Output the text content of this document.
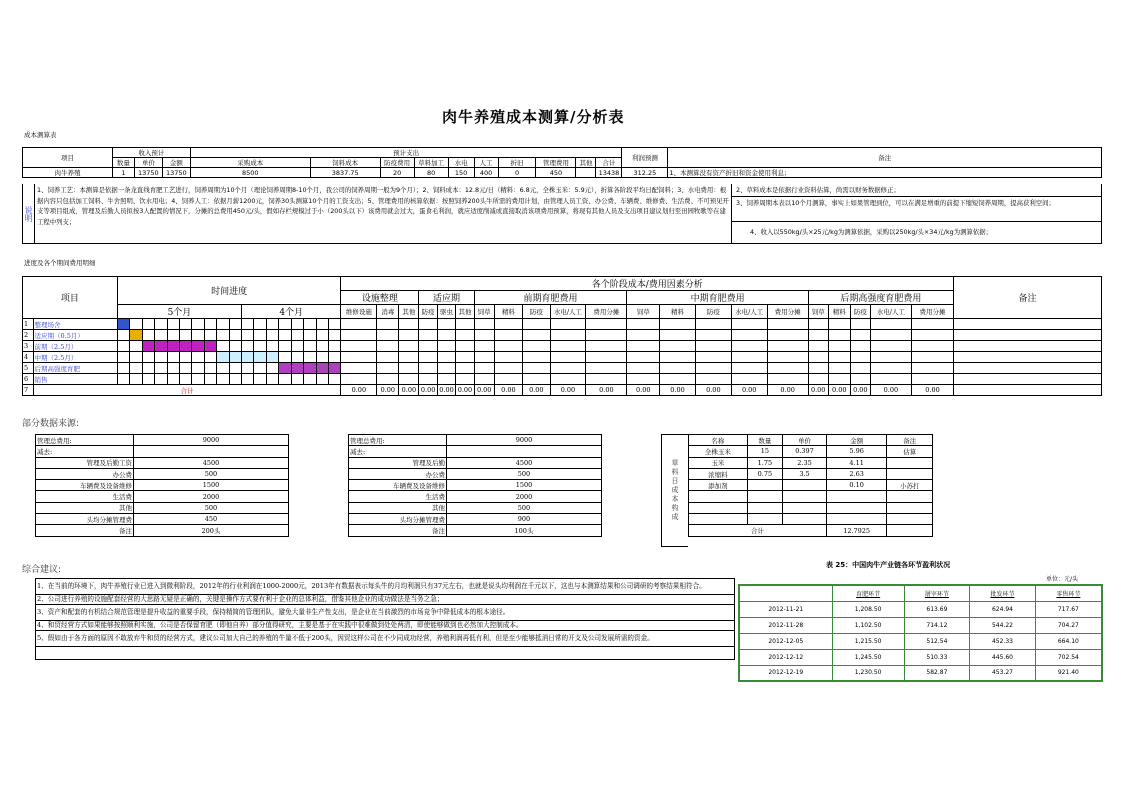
肉牛养殖成本测算/分析表
成本测算表
项目	收入预计			预计支出										利润预测	备注
	数量	单价	金额	采购成本	饲料成本	防疫费用	草料加工	水电	人工	折旧	管理费用	其他	合计		
肉牛养殖	1	13750	13750	8500	3837.75	20	80	150	400	0	450		13438	312.25	1、本测算没有资产折旧和资金使用利息；
说明
1、饲养工艺：本测算是依据一条龙直线育肥工艺进行，饲养周期为10个月（理论饲养周期8-10个月，我公司的饲养周期一般为9个月）；2、饲料成本：12.8元/日（精料：6.8元，全株玉米：5.9元），折算各阶段平均日配饲料；3、水电费用：根据内容只包括加工饲料、牛舍照明、饮水用电；4、饲养人工：依据月薪1200元，饲养30头测算10个月的工资支出；5、管理费用的核算依据：按照饲养200头牛所需的费用计划，由管理人员工资、办公费、车辆费、维修费、生活费、不可预见开支等项目组成，管理及后勤人员拟按3人配置的情况下，分摊的总费用450元/头，假如存栏规模过于小（200头以下）该费用就会过大，蛋食毛利润，就应适度削减或直接取消该项费用预算，将现有其他人员及支出项目建议划归至田园牧歌等在建工程中列支；
2、草料成本是依据行业资料估算，尚需以财务数据修正；
3、饲养周期本表以10个月测算，事实上如果管理到位，可以在满足增重的前提下缩短饲养周期，提高获利空间；
4、收入以550kg/头×25元/kg为测算依据，采购以250kg/头×34元/kg为测算依据；
进度及各个期间费用明细
项目		时间进度																		各个阶段成本/费用因素分析																					备注
																				设施整理			适应期			前期育肥费用					中期育肥费用					后期高强度育肥费用					
		5个月										4个月								维修设施	消毒	其他	防疫	驱虫	其他	饲草	精料	防疫	水电/人工	费用分摊	饲草	精料	防疫	水电/人工	费用分摊	饲草	精料	防疫	水电/人工	费用分摊	
1	整理场舍																																								
2	适应期（0.5月）																																								
3	前期（2.5月）																																								
4	中期（2.5月）																																								
5	后期高强度育肥																																								
6	销售																																								
7	合计																			0.00	0.00	0.00	0.00	0.00	0.00	0.00	0.00	0.00	0.00	0.00	0.00	0.00	0.00	0.00	0.00	0.00	0.00	0.00	0.00	0.00	
部分数据来源:
管理总费用:	9000
减去:	
管理及后勤工资	4500
办公费	500
车辆费及设备维修	1500
生活费	2000
其他	500
头均分摊管理费	450
备注	200头
管理总费用:	9000
减去:	
管理及后勤	4500
办公费	500
车辆费及设备维修	1500
生活费	2000
其他	500
头均分摊管理费	900
备注	100头
草料日成本构成
名称	数量	单价	金额	备注
全株玉米	15	0.397	5.96	估算
玉米	1.75	2.35	4.11	
浓缩料	0.75	3.5	2.63	
添加剂			0.10	小苏打

合计			12.7925	
综合建议:
1、在当前的环境下，肉牛养殖行业已进入到微利阶段，2012年的行业利润在1000-2000元，2013年有数据表示每头牛的月均利润只有37元左右，也就是说头均利润在千元以下，这也与本测算结果和公司调研的考察结果相符合。
2、公司进行养殖的设施配套经营的大思路无疑是正确的，关键是操作方式要有利于企业的总体利益，借鉴其他企业的成功做法是当务之急；
3、资产和配套的有机结合规范管理是提升收益的重要手段，保持精简的管理团队，避免大量非生产性支出，是企业在当前激烈的市场竞争中降低成本的根本途径。
4、和贸经营方式如果能够按照顺利实施，公司是否保留育肥（即他自养）部分值得研究，主要是基于在实践中很难做到处处两清，即使能够做到也必然加大控制成本。
5、假如由于各方面的原因不敢放弃牛和贸的经营方式，建议公司加大自己的养殖的牛量不低于200头，因贸这样公司在不少同成功经营，养殖利润再低有利，但是至少能够抵消日常的开支及公司发展所需的资金。

表 25：中国肉牛产业链各环节盈利状况
单位：元/头
	育肥环节	屠宰环节	批发环节	零售环节
2012-11-21	1,208.50	613.69	624.94	717.67
2012-11-28	1,102.50	714.12	544.22	704.27
2012-12-05	1,215.50	512.54	452.33	664.10
2012-12-12	1,245.50	510.33	445.60	702.54
2012-12-19	1,230.50	582.87	453.27	921.40
